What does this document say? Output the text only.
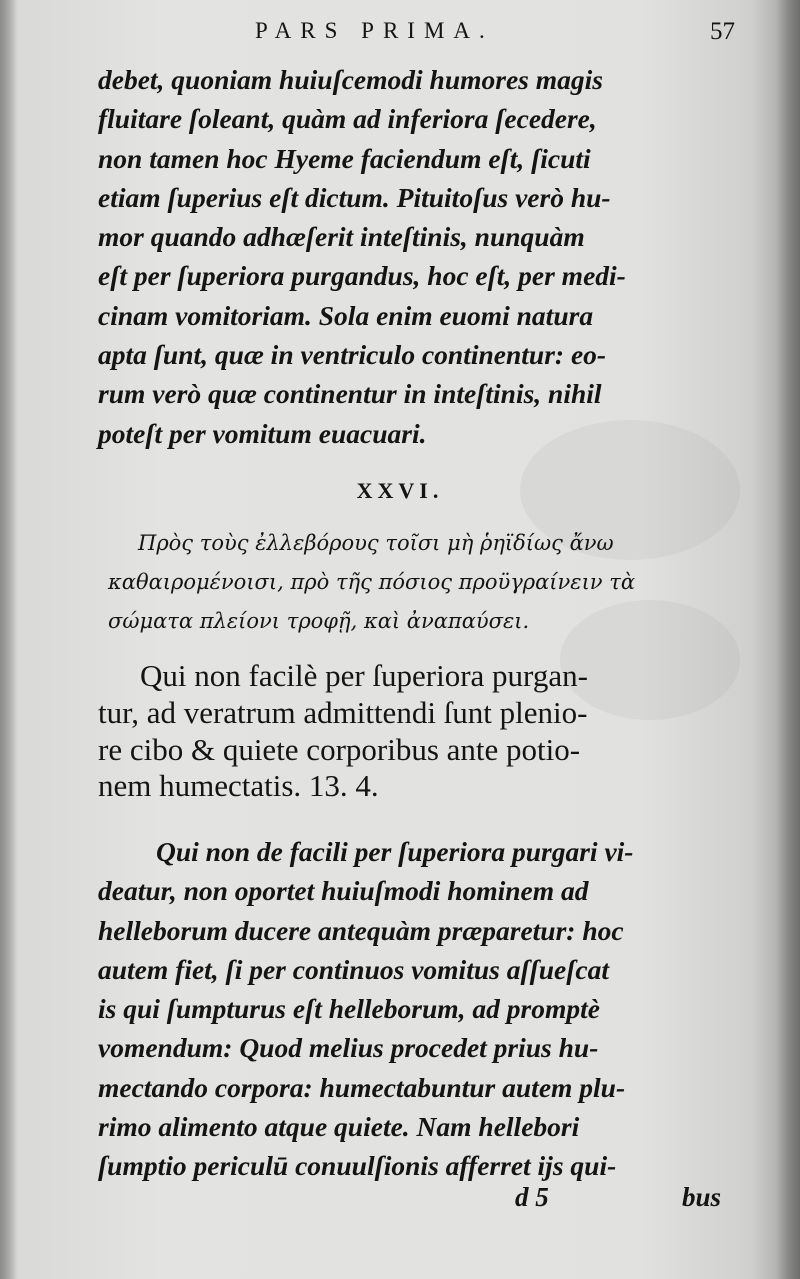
PARS PRIMA.	57
debet, quoniam huiuſcemodi humores magis
fluitare ſoleant, quàm ad inferiora ſecedere,
non tamen hoc Hyeme faciendum eſt, ſicuti
etiam ſuperius eſt dictum. Pituitoſus verò hu-
mor quando adhæſerit inteſtinis, nunquàm
eſt per ſuperiora purgandus, hoc eſt, per medi-
cinam vomitoriam. Sola enim euomi natura
apta ſunt, quæ in ventriculo continentur: eo-
rum verò quæ continentur in inteſtinis, nihil
poteſt per vomitum euacuari.
XXVI.
Πρὸς τοὺς ἐλλεβόρους τοῖσι μὴ ῥηϊδίως ἄνω
καθαιρομένοισι, πρὸ τῆς πόσιος προϋγραίνειν τὰ
σώματα πλείονι τροφῇ, καὶ ἀναπαύσει.
Qui non facilè per ſuperiora purgan-
tur, ad veratrum admittendi ſunt plenio-
re cibo & quiete corporibus ante potio-
nem humectatis. 13. 4.
Qui non de facili per ſuperiora purgari vi-
deatur, non oportet huiuſmodi hominem ad
helleborum ducere antequàm præparetur: hoc
autem fiet, ſi per continuos vomitus aſſueſcat
is qui ſumpturus eſt helleborum, ad promptè
vomendum: Quod melius procedet prius hu-
mectando corpora: humectabuntur autem plu-
rimo alimento atque quiete. Nam hellebori
ſumptio periculū conuulſionis afferret ijs qui-
d 5	bus
